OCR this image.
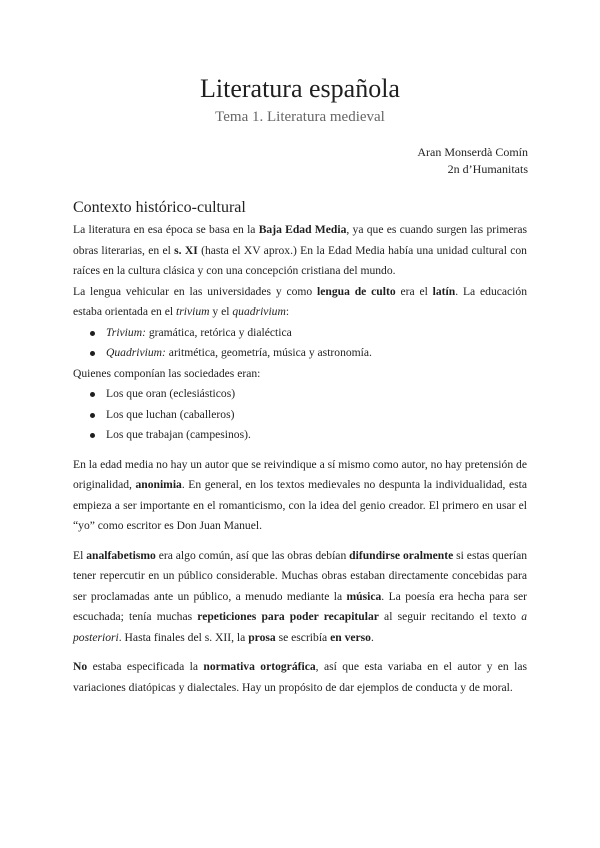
Literatura española
Tema 1. Literatura medieval
Aran Monserdà Comín
2n d’Humanitats
Contexto histórico-cultural

La literatura en esa época se basa en la Baja Edad Media, ya que es cuando surgen las primeras obras literarias, en el s. XI (hasta el XV aprox.) En la Edad Media había una unidad cultural con raíces en la cultura clásica y con una concepción cristiana del mundo.

La lengua vehicular en las universidades y como lengua de culto era el latín. La educación estaba orientada en el trivium y el quadrivium:

Trivium: gramática, retórica y dialéctica
Quadrivium: aritmética, geometría, música y astronomía.

Quienes componían las sociedades eran:

Los que oran (eclesiásticos)
Los que luchan (caballeros)
Los que trabajan (campesinos).

En la edad media no hay un autor que se reivindique a sí mismo como autor, no hay pretensión de originalidad, anonimia. En general, en los textos medievales no despunta la individualidad, esta empieza a ser importante en el romanticismo, con la idea del genio creador. El primero en usar el “yo” como escritor es Don Juan Manuel.

El analfabetismo era algo común, así que las obras debían difundirse oralmente si estas querían tener repercutir en un público considerable. Muchas obras estaban directamente concebidas para ser proclamadas ante un público, a menudo mediante la música. La poesía era hecha para ser escuchada; tenía muchas repeticiones para poder recapitular al seguir recitando el texto a posteriori. Hasta finales del s. XII, la prosa se escribía en verso.

No estaba especificada la normativa ortográfica, así que esta variaba en el autor y en las variaciones diatópicas y dialectales. Hay un propósito de dar ejemplos de conducta y de moral.
